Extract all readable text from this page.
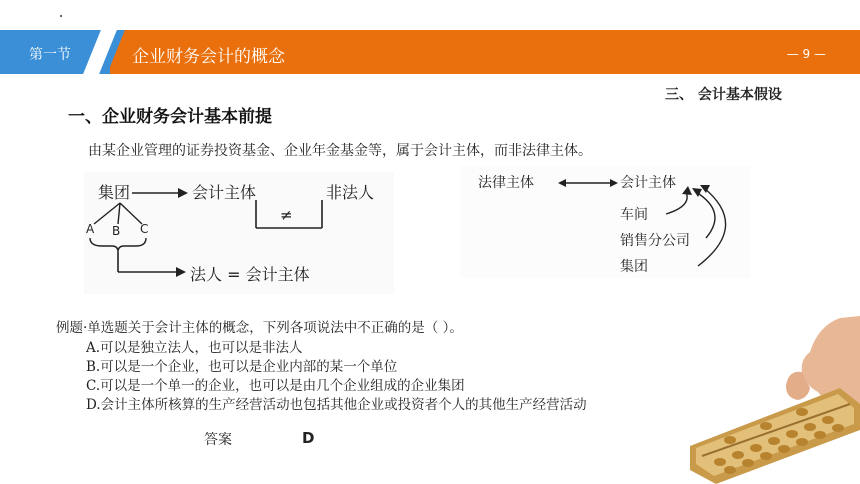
第一节	企业财务会计的概念	— 9 —
三、 会计基本假设
一、企业财务会计基本前提
由某企业管理的证券投资基金、企业年金基金等，属于会计主体，而非法律主体。
集团	会计主体	非法人
≠
A B C
法人 = 会计主体
法律主体	会计主体
车间
销售分公司
集团
例题·单选题关于会计主体的概念，下列各项说法中不正确的是（ ）。
A.可以是独立法人，也可以是非法人
B.可以是一个企业，也可以是企业内部的某一个单位
C.可以是一个单一的企业，也可以是由几个企业组成的企业集团
D.会计主体所核算的生产经营活动也包括其他企业或投资者个人的其他生产经营活动
答案	D
